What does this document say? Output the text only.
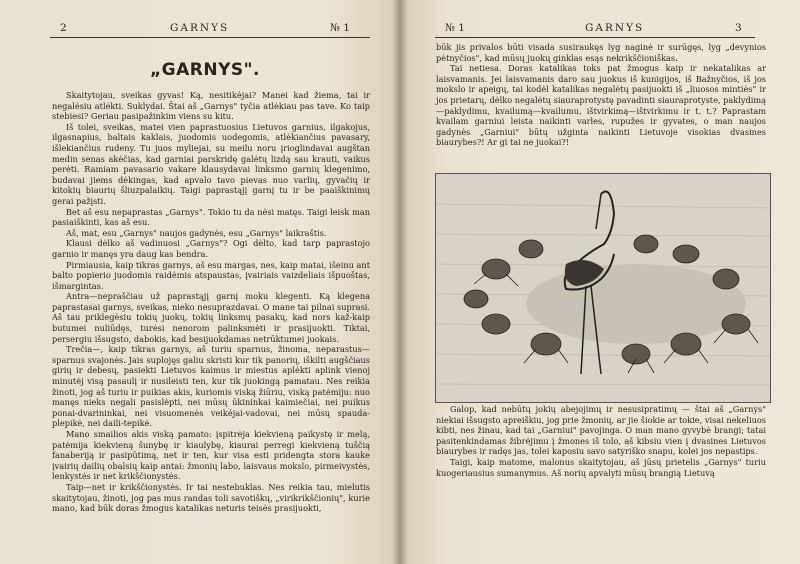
2	GARNYS	№ 1
„GARNYS".

Skaitytojau, sveikas gyvas! Ką, nesitikėjai? Manei kad žiema, tai ir negalėsiu atlėkti. Suklydai. Štai aš „Garnys" tyčia atlėkiau pas tave. Ko taip stebiesi? Geriau pasipažinkim viens su kitu.

Iš tolei, sveikas, matei vien paprastuosius Lietuvos garnius, ilgakojus, ilgasnapius, baltais kaklais, juodomis uodegomis, atlėkiančius pavasary, išlekiančius rudeny. Tu juos myliejai, su meilu noru įrioglindavai augštan medin senas akėčias, kad garniai parskridę galėtų lizdą sau krauti, vaikus perėti. Ramiam pavasario vakare klausydavai linksmo garnių klegenimo, budavai jiems dėkingas, kad apvalo tavo pievas nuo varlių, gyvačių ir kitokių biaurių šliuzpalaikių. Taigi paprastąjį garnį tu ir be paaiškinimų gerai pažįsti.

Bet aš esu nepaprastas „Garnys". Tokio tu da nėsi matęs. Taigi leisk man pasiaiškinti, kas aš esu.

Aš, mat, esu „Garnys" naujos gadynės, esu „Garnys" laikraštis.

Klausi dėlko aš vadinuosi „Garnys"? Ogi dėlto, kad tarp paprastojo garnio ir manęs yra daug kas bendra.

Pirmiausia, kaip tikras garnys, aš esu margas, nes, kaip matai, išeinu ant balto popierio juodomis raidėmis atspaustas, įvairiais vaizdeliais išpuoštas, išmargintas.

Antra—nepraščiau už paprastąjį garnį moku klegenti. Ką klegena paprastasai garnys, sveikas, nieko nesuprazdavai. O mane tai pilnai suprasi. Aš tau priklegėsiu tokių juokų, tokių linksmų pasakų, kad nors kaž-kaip butumei nuliūdęs, turėsi nenorom palinksmėti ir prasijuokti. Tiktai, persergiu išsugsto, dabokis, kad besijuokdamas netrūktumei juokais.

Trečia—, kaip tikras garnys, aš turiu sparnus, žinoma, neparastus—sparnus svajonės. Jais suplojęs galiu skristi kur tik panorių, iškilti augščiaus girių ir debesų, pasiekti Lietuvos kaimus ir miestus aplėkti aplink vienoj minutėj visą pasaulį ir nusileisti ten, kur tik juokingą pamatau. Nes reikia žinoti, jog aš turiu ir puikias akis, kuriomis viską žiūriu, viską patėmiju: nuo manęs nieks negali pasislėpti, nei mūsų ūkininkai kaimiečiai, nei puikus ponai-dvarininkai, nei visuomenės veikėjai-vadovai, nei mūsų spauda-plepikė, nei daili-tepikė.

Mano smailios akis viską pamato: įspitrėja kiekvieną paikystę ir melą, patėmija kiekvieną šunybę ir kiaulybę, kiaurai perregi kiekvieną tuščią fanaberiją ir pasipūtimą, net ir ten, kur visa esti pridengta stora kauke įvairių dailių obalsių kaip antai: žmonių labo, laisvaus mokslo, pirmeivystės, lenkystės ir net krikščionystės.

Taip—net ir krikščionystės. Ir tai nestebuklas. Nes reikia tau, mielutis skaitytojau, žinoti, jog pas mus randas toli savotiškų, „virikrikščionių", kurie mano, kad būk doras žmogus katalikas neturis teisės prasijuokti,

№ 1	GARNYS	3

būk jis privalos būti visada susiraukęs lyg naginė ir surūgęs, lyg „devynios pėtnyčios", kad mūsų juokų ginklas esąs nekrikščioniškas.

Tai netiesa. Doras katalikas toks pat žmogus kaip ir nekatalikas ar laisvamanis. Jei laisvamanis daro sau juokus iš kunigijos, iš Bažnyčios, iš jos mokslo ir apeigų, tai kodėl katalikas negalėtų pasijuokti iš „liuosos mintiės" ir jos prietarų, dėlko negalėtų siauraprotystę pavadinti siauraprotyste, paklydimą—paklydimu, kvailumą—kvailumu, ištvirkimą—ištvirkimu ir t. t.? Paprastam kvailam garniui leista naikinti varles, rupužes ir gyvates, o man naujos gadynės „Garniui" būtų užginta naikinti Lietuvoje visokias dvasines biaurybes?! Ar gi tai ne juokai?!

Galop, kad nebūtų jokių abejojimų ir nesusipratimų — štai aš „Garnys" niekiai išsugsto apreiškiu, jog prie žmonių, ar jie šiokie ar tokie, visai nekeliuos kibti, nes žinau, kad tai „Garniui" pavojinga. O man mano gyvybė brangi; tatai pasitenkindamas žibrėjimu į žmones iš tolo, aš kibsiu vien į dvasines Lietuvos biaurybes ir radęs jas, tolei kaposiu savo satyriško snapu, kolei jos nepastips.

Taigi, kaip matome, malonus skaitytojau, aš jūsų prietelis „Garnys" turiu kuogeriausius sumanymus. Aš norių apvalyti mūsų brangią Lietuvą
